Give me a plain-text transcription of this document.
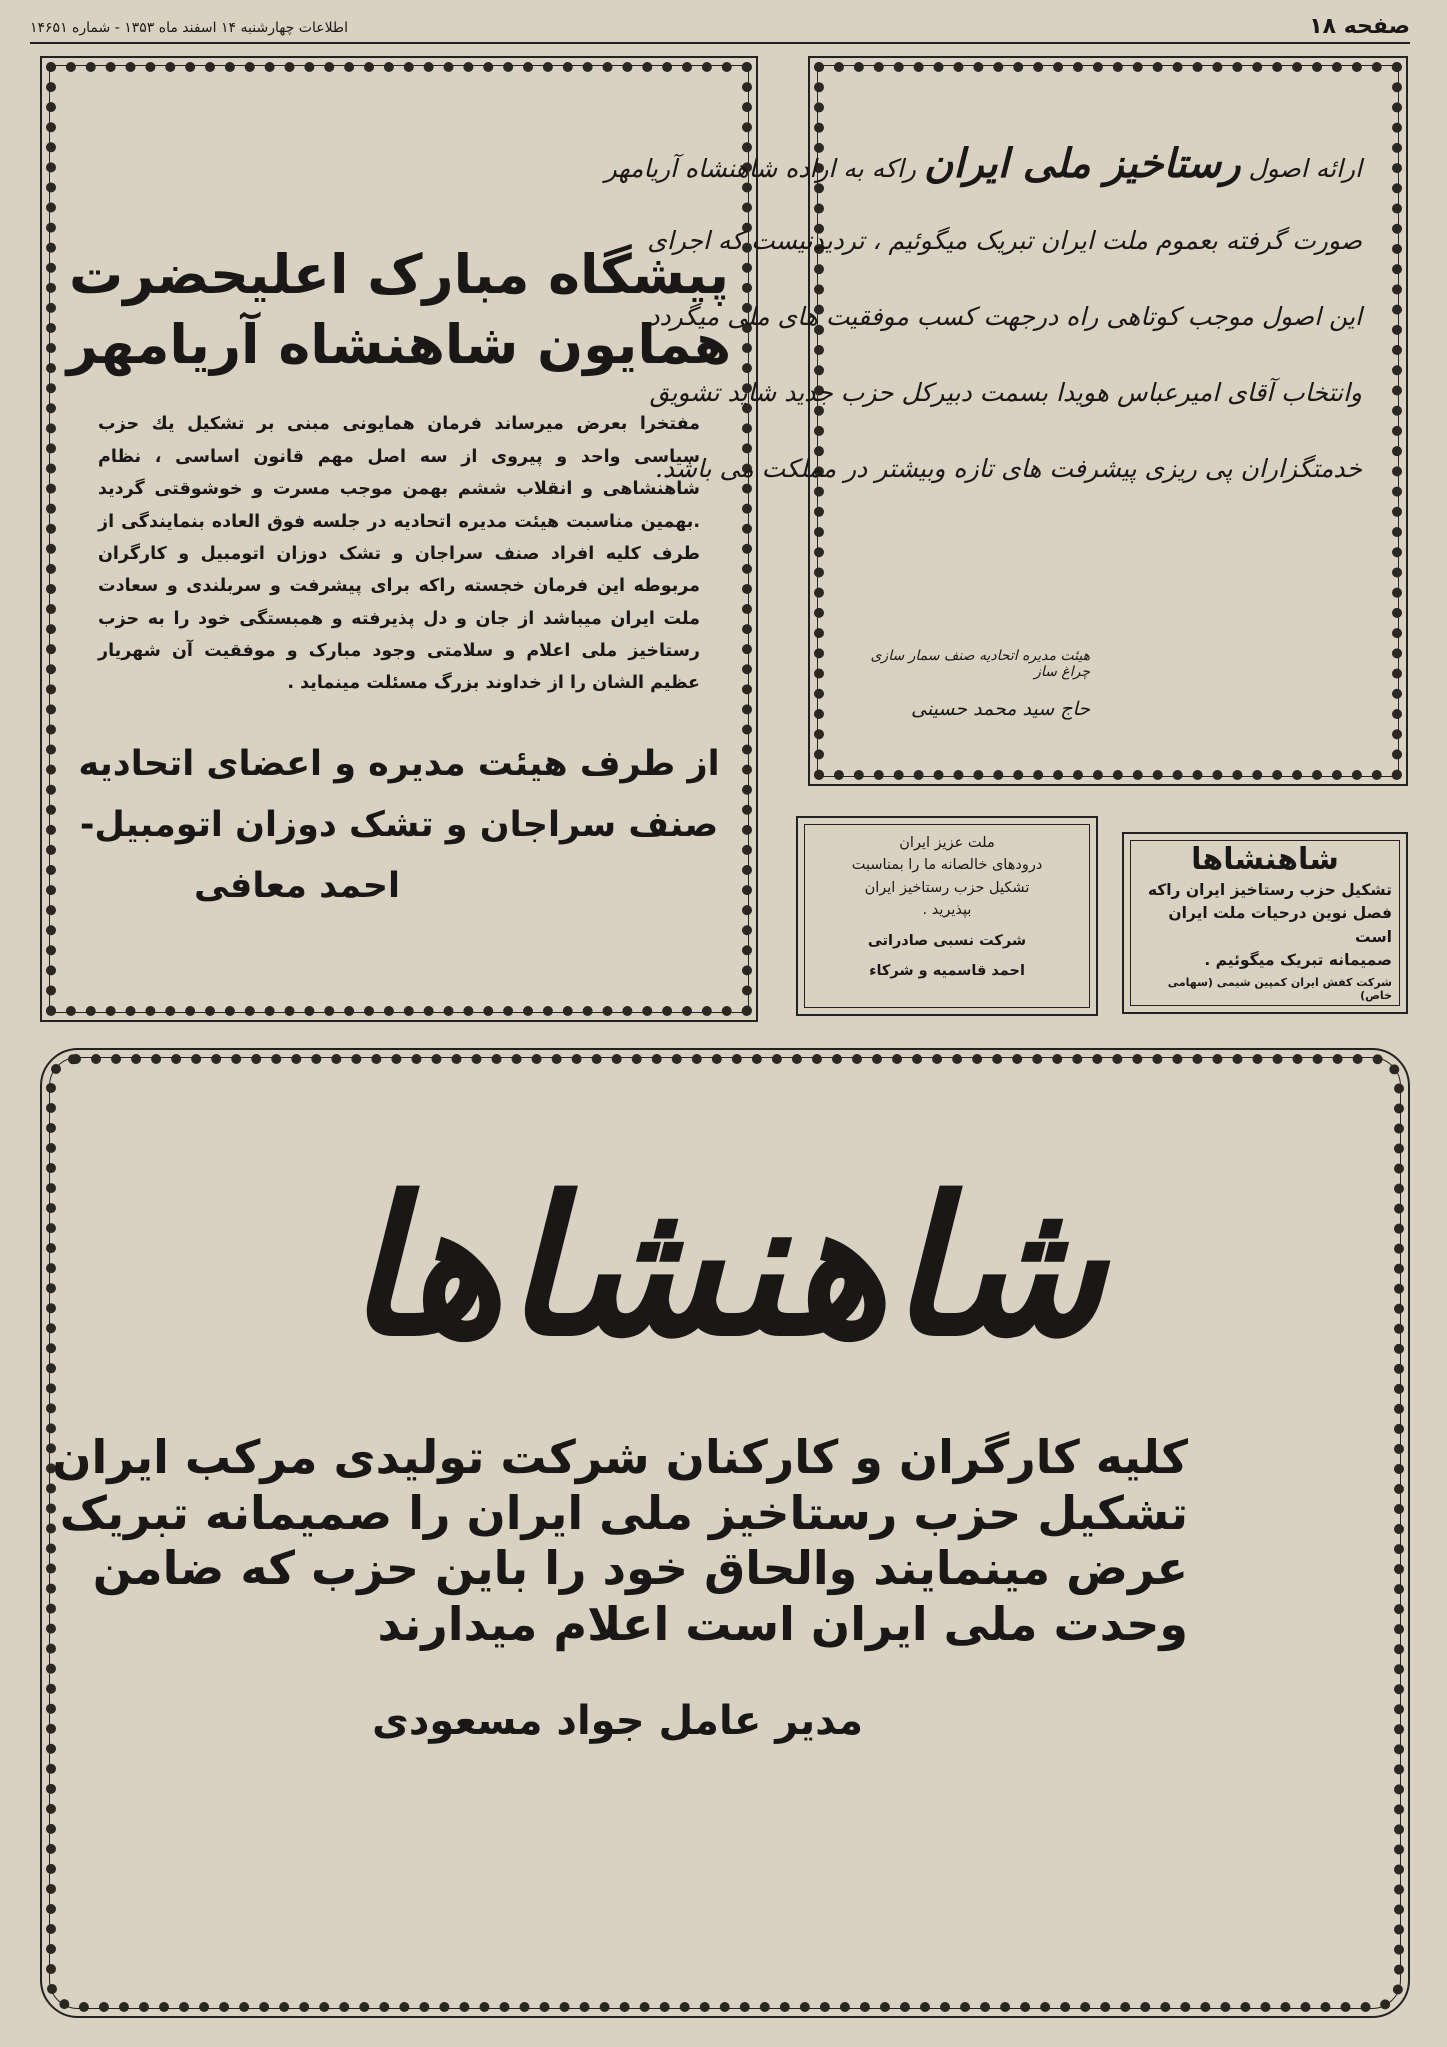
صفحه ۱۸
اطلاعات چهارشنبه ۱۴ اسفند ماه ۱۳۵۳ - شماره ۱۴۶۵۱

پیشگاه مبارک اعلیحضرت

همایون شاهنشاه آریامهر

مفتخرا بعرض میرساند فرمان همایونی مبنی بر تشکیل یك حزب سیاسی واحد و پیروی از سه اصل مهم قانون اساسی ، نظام شاهنشاهی و انقلاب ششم بهمن موجب مسرت و خوشوقتی گردید .بهمین مناسبت هیئت مدیره اتحادیه در جلسه فوق العاده بنمایندگی از طرف کلیه افراد صنف سراجان و تشک دوزان اتومبیل و کارگران مربوطه این فرمان خجسته راکه برای پیشرفت و سربلندی و سعادت ملت ایران میباشد از جان و دل پذیرفته و همبستگی خود را به حزب رستاخیز ملی اعلام و سلامتی وجود مبارک و موفقیت آن شهریار عظیم الشان را از خداوند بزرگ مسئلت مینماید .

از طرف هیئت مدیره و اعضای اتحادیه

صنف سراجان و تشک دوزان اتومبیل-

احمد معافی

ارائه اصول رستاخیز ملی ایران راکه به اراده شاهنشاه آریامهر

صورت گرفته بعموم ملت ایران تبریک میگوئیم ، تردیدنیست که اجرای

این اصول موجب کوتاهی راه درجهت کسب موفقیت های ملی میگردد

وانتخاب آقای امیرعباس هویدا بسمت دبیرکل حزب جدید شاید تشویق

خدمتگزاران پی ریزی پیشرفت های تازه وبیشتر در مملکت می باشد.

هیئت مدیره اتحادیه صنف سمار سازی چراغ ساز
حاج سید محمد حسینی

ملت عزیز ایران

درودهای خالصانه ما را بمناسبت

تشکیل حزب رستاخیز ایران

بپذیرید .

شرکت نسبی صادراتی

احمد قاسمیه و شرکاء

شاهنشاها

تشکیل حزب رستاخیز ایران راکه
فصل نوین درحیات ملت ایران است
صمیمانه تبریک میگوئیم .

شرکت کفش ایران کمپین شیمی (سهامی خاص)

شاهنشاها

کلیه کارگران و کارکنان شرکت تولیدی مرکب ایران

تشکیل حزب رستاخیز ملی ایران را صمیمانه تبریک

عرض مینمایند والحاق خود را باین حزب که ضامن

وحدت ملی ایران است اعلام میدارند

مدیر عامل جواد مسعودی
